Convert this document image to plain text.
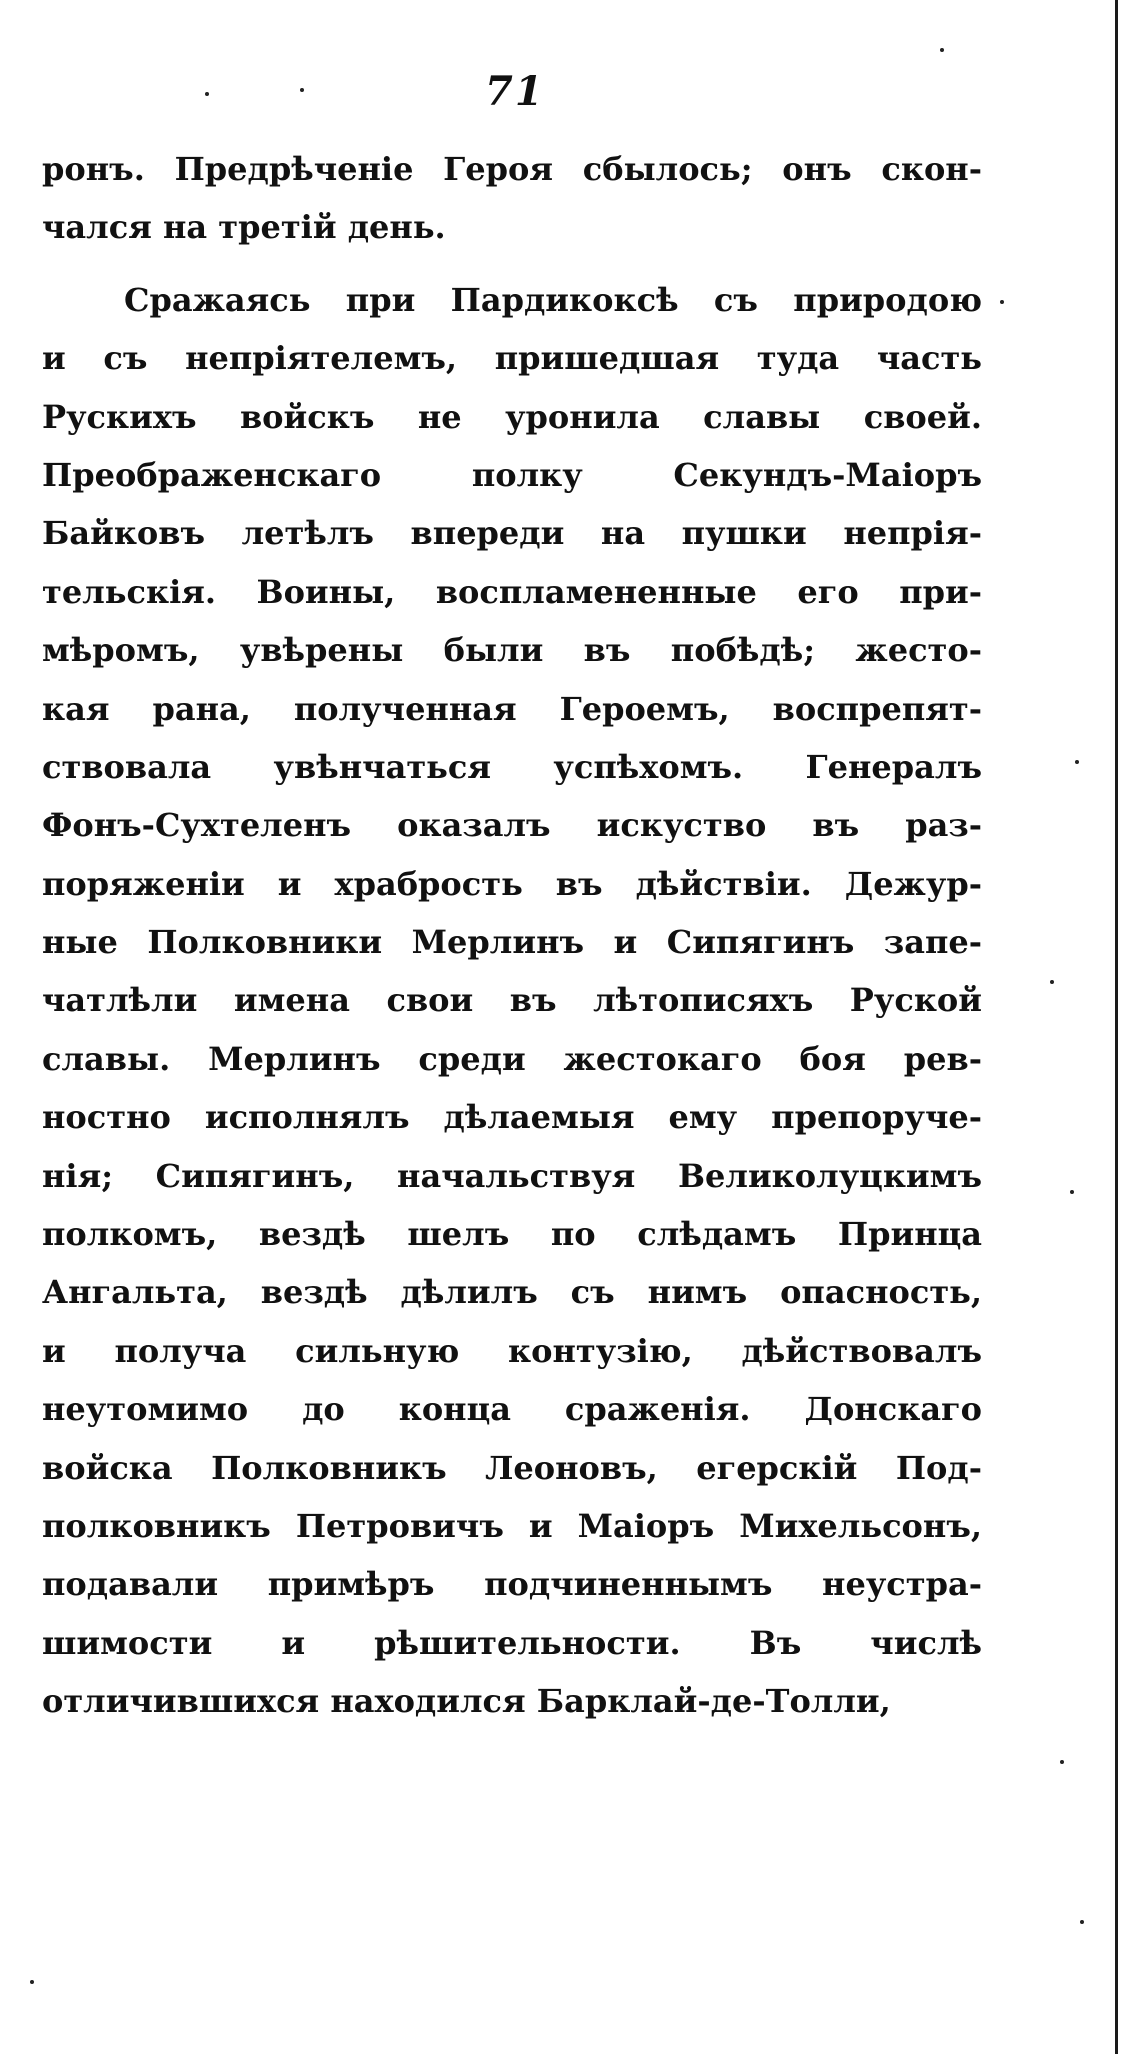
71
ронъ. Предрѣченіе Героя сбылось; онъ скон-
чался на третій день.
Сражаясь при Пардикоксѣ съ природою
и съ непріятелемъ, пришедшая туда часть
Рускихъ войскъ не уронила славы своей.
Преображенскаго полку Секундъ-Маіоръ
Байковъ летѣлъ впереди на пушки непрія-
тельскія. Воины, воспламененные его при-
мѣромъ, увѣрены были въ побѣдѣ; жесто-
кая рана, полученная Героемъ, воспрепят-
ствовала увѣнчаться успѣхомъ. Генералъ
Фонъ-Сухтеленъ оказалъ искуство въ раз-
поряженіи и храбрость въ дѣйствіи. Дежур-
ные Полковники Мерлинъ и Сипягинъ запе-
чатлѣли имена свои въ лѣтописяхъ Руской
славы. Мерлинъ среди жестокаго боя рев-
ностно исполнялъ дѣлаемыя ему препоруче-
нія; Сипягинъ, начальствуя Великолуцкимъ
полкомъ, вездѣ шелъ по слѣдамъ Принца
Ангальта, вездѣ дѣлилъ съ нимъ опасность,
и получа сильную контузію, дѣйствовалъ
неутомимо до конца сраженія. Донскаго
войска Полковникъ Леоновъ, егерскій Под-
полковникъ Петровичъ и Маіоръ Михельсонъ,
подавали примѣръ подчиненнымъ неустра-
шимости и рѣшительности. Въ числѣ
отличившихся находился Барклай-де-Толли,
